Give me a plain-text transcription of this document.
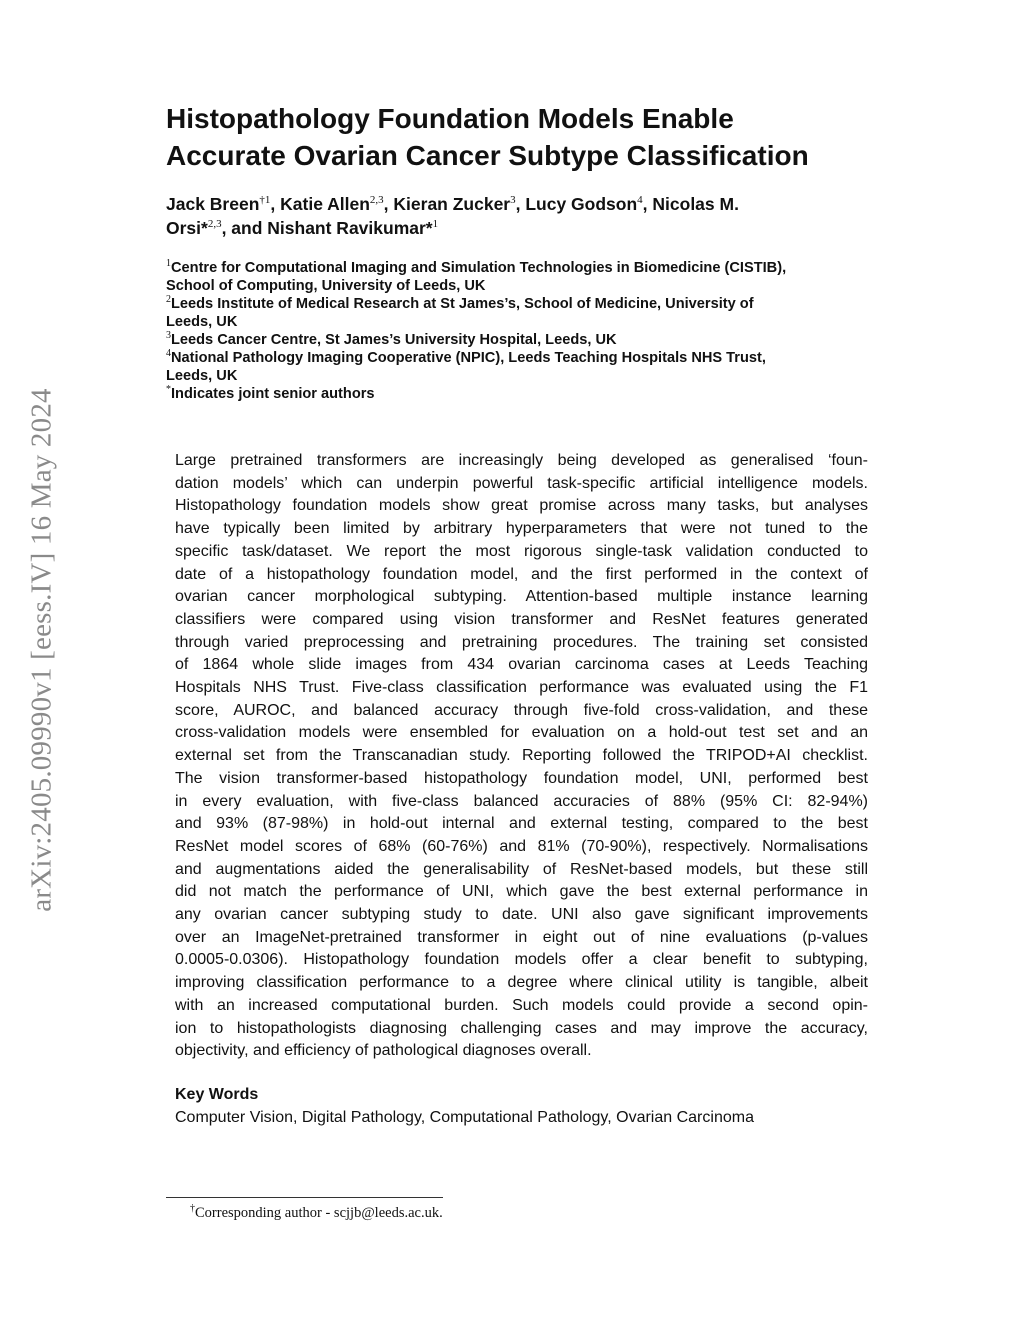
arXiv:2405.09990v1 [eess.IV] 16 May 2024
Histopathology Foundation Models Enable
Accurate Ovarian Cancer Subtype Classification
Jack Breen$^{\dagger 1}$, Katie Allen$^{2,3}$, Kieran Zucker$^3$, Lucy Godson$^4$, Nicolas M.
Orsi*$^{2,3}$, and Nishant Ravikumar*$^1$
$^1$Centre for Computational Imaging and Simulation Technologies in Biomedicine (CISTIB),
School of Computing, University of Leeds, UK
$^2$Leeds Institute of Medical Research at St James’s, School of Medicine, University of
Leeds, UK
$^3$Leeds Cancer Centre, St James’s University Hospital, Leeds, UK
$^4$National Pathology Imaging Cooperative (NPIC), Leeds Teaching Hospitals NHS Trust,
Leeds, UK
*Indicates joint senior authors
Large pretrained transformers are increasingly being developed as generalised ‘foun-
dation models’ which can underpin powerful task-specific artificial intelligence models.
Histopathology foundation models show great promise across many tasks, but analyses
have typically been limited by arbitrary hyperparameters that were not tuned to the
specific task/dataset. We report the most rigorous single-task validation conducted to
date of a histopathology foundation model, and the first performed in the context of
ovarian cancer morphological subtyping. Attention-based multiple instance learning
classifiers were compared using vision transformer and ResNet features generated
through varied preprocessing and pretraining procedures. The training set consisted
of 1864 whole slide images from 434 ovarian carcinoma cases at Leeds Teaching
Hospitals NHS Trust. Five-class classification performance was evaluated using the F1
score, AUROC, and balanced accuracy through five-fold cross-validation, and these
cross-validation models were ensembled for evaluation on a hold-out test set and an
external set from the Transcanadian study. Reporting followed the TRIPOD+AI checklist.
The vision transformer-based histopathology foundation model, UNI, performed best
in every evaluation, with five-class balanced accuracies of 88% (95% CI: 82-94%)
and 93% (87-98%) in hold-out internal and external testing, compared to the best
ResNet model scores of 68% (60-76%) and 81% (70-90%), respectively. Normalisations
and augmentations aided the generalisability of ResNet-based models, but these still
did not match the performance of UNI, which gave the best external performance in
any ovarian cancer subtyping study to date. UNI also gave significant improvements
over an ImageNet-pretrained transformer in eight out of nine evaluations (p-values
0.0005-0.0306). Histopathology foundation models offer a clear benefit to subtyping,
improving classification performance to a degree where clinical utility is tangible, albeit
with an increased computational burden. Such models could provide a second opin-
ion to histopathologists diagnosing challenging cases and may improve the accuracy,
objectivity, and efficiency of pathological diagnoses overall.
Key Words
Computer Vision, Digital Pathology, Computational Pathology, Ovarian Carcinoma
†Corresponding author - scjjb@leeds.ac.uk.
